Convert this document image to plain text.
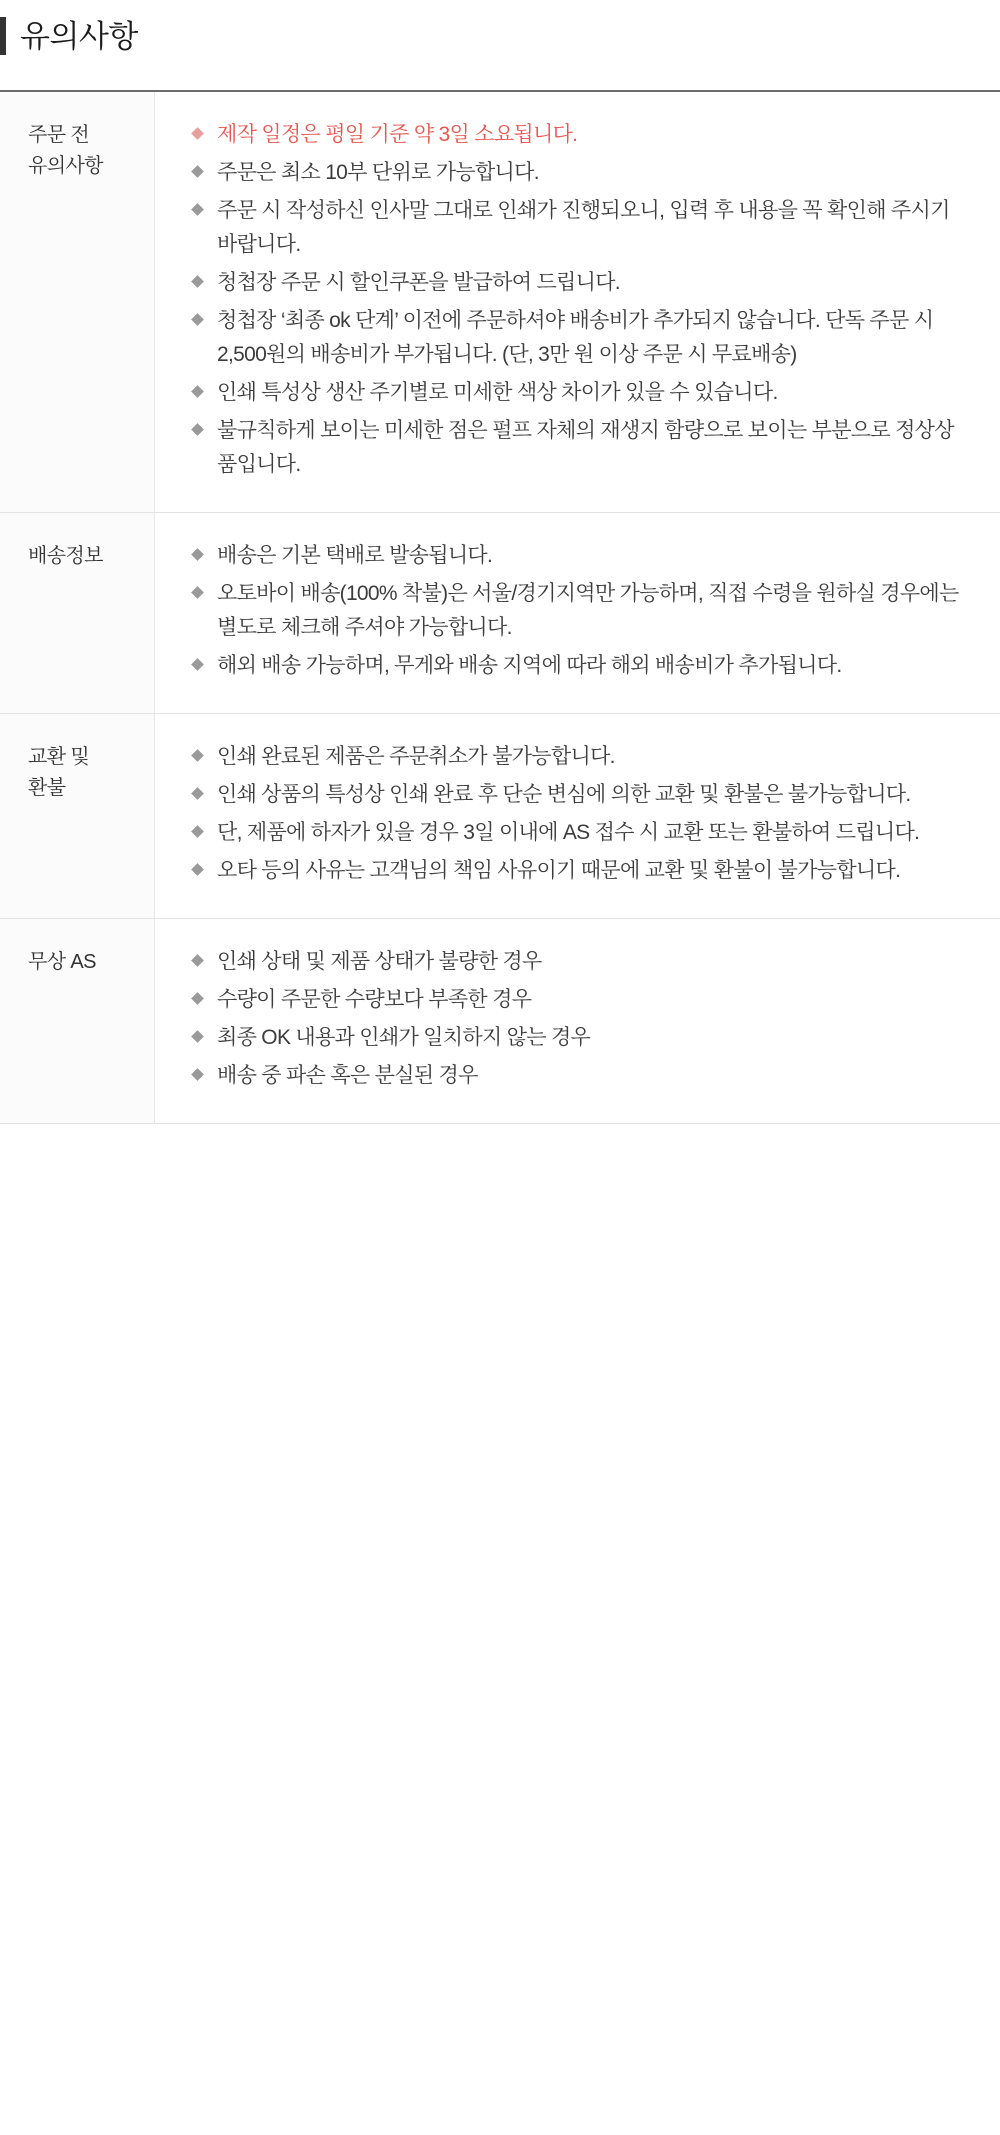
유의사항
주문 전
유의사항
제작 일정은 평일 기준 약 3일 소요됩니다.
주문은 최소 10부 단위로 가능합니다.
주문 시 작성하신 인사말 그대로 인쇄가 진행되오니, 입력 후 내용을 꼭 확인해 주시기 바랍니다.
청첩장 주문 시 할인쿠폰을 발급하여 드립니다.
청첩장 ‘최종 ok 단계’ 이전에 주문하셔야 배송비가 추가되지 않습니다. 단독 주문 시 2,500원의 배송비가 부가됩니다. (단, 3만 원 이상 주문 시 무료배송)
인쇄 특성상 생산 주기별로 미세한 색상 차이가 있을 수 있습니다.
불규칙하게 보이는 미세한 점은 펄프 자체의 재생지 함량으로 보이는 부분으로 정상상품입니다.
배송정보	배송은 기본 택배로 발송됩니다.
오토바이 배송(100% 착불)은 서울/경기지역만 가능하며, 직접 수령을 원하실 경우에는 별도로 체크해 주셔야 가능합니다.
해외 배송 가능하며, 무게와 배송 지역에 따라 해외 배송비가 추가됩니다.
교환 및
환불
인쇄 완료된 제품은 주문취소가 불가능합니다.
인쇄 상품의 특성상 인쇄 완료 후 단순 변심에 의한 교환 및 환불은 불가능합니다.
단, 제품에 하자가 있을 경우 3일 이내에 AS 접수 시 교환 또는 환불하여 드립니다.
오타 등의 사유는 고객님의 책임 사유이기 때문에 교환 및 환불이 불가능합니다.
무상 AS	인쇄 상태 및 제품 상태가 불량한 경우
수량이 주문한 수량보다 부족한 경우
최종 OK 내용과 인쇄가 일치하지 않는 경우
배송 중 파손 혹은 분실된 경우
